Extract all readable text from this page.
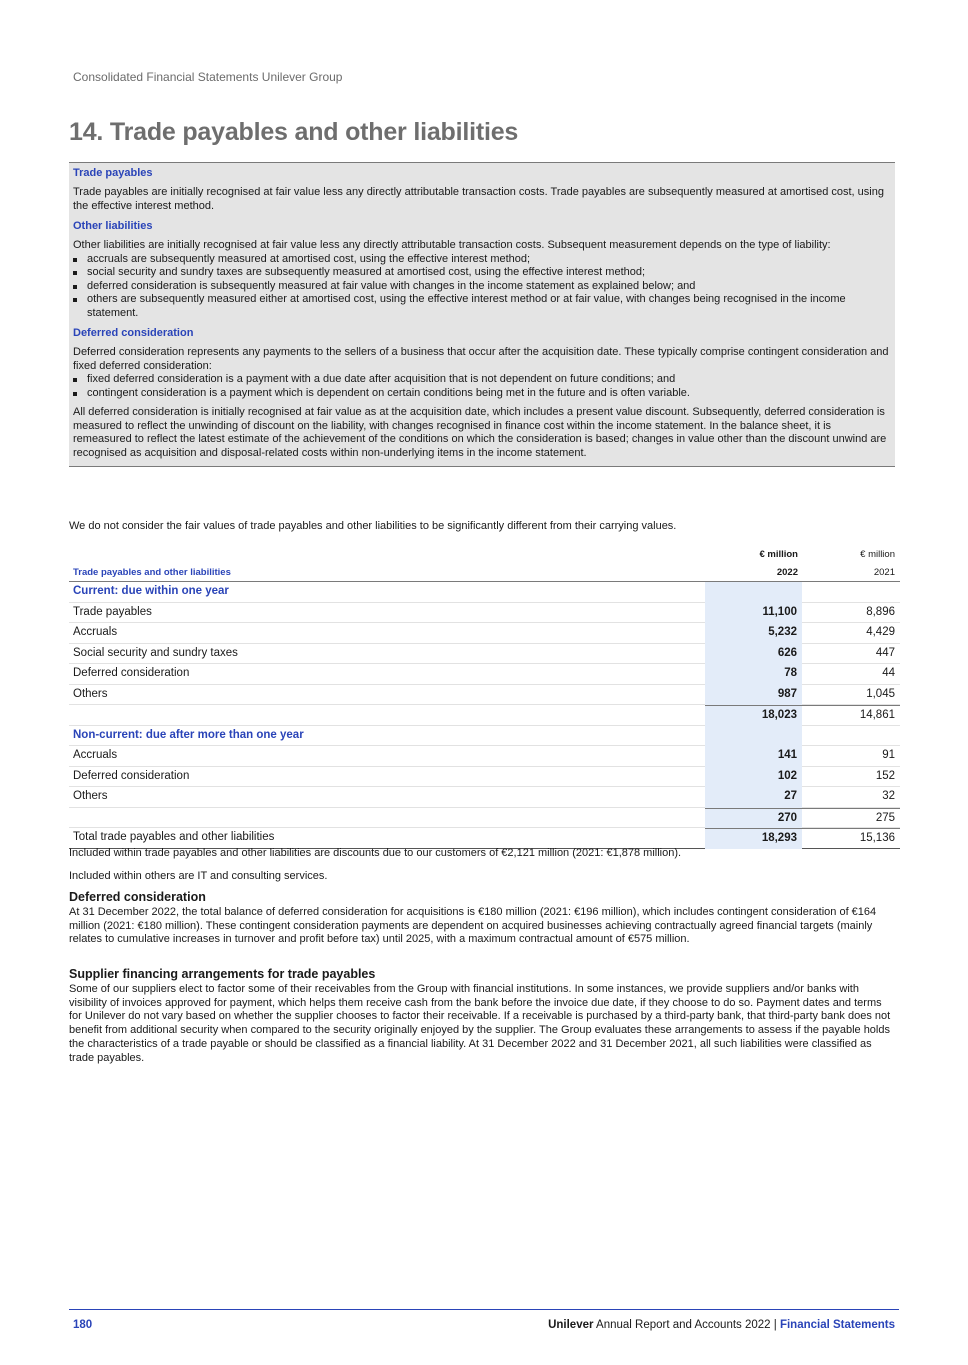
Consolidated Financial Statements Unilever Group
14. Trade payables and other liabilities
Trade payables

Trade payables are initially recognised at fair value less any directly attributable transaction costs. Trade payables are subsequently measured at amortised cost, using the effective interest method.

Other liabilities

Other liabilities are initially recognised at fair value less any directly attributable transaction costs. Subsequent measurement depends on the type of liability:

accruals are subsequently measured at amortised cost, using the effective interest method;
social security and sundry taxes are subsequently measured at amortised cost, using the effective interest method;
deferred consideration is subsequently measured at fair value with changes in the income statement as explained below; and
others are subsequently measured either at amortised cost, using the effective interest method or at fair value, with changes being recognised in the income statement.
Deferred consideration

Deferred consideration represents any payments to the sellers of a business that occur after the acquisition date. These typically comprise contingent consideration and fixed deferred consideration:

fixed deferred consideration is a payment with a due date after acquisition that is not dependent on future conditions; and
contingent consideration is a payment which is dependent on certain conditions being met in the future and is often variable.

All deferred consideration is initially recognised at fair value as at the acquisition date, which includes a present value discount. Subsequently, deferred consideration is measured to reflect the unwinding of discount on the liability, with changes recognised in finance cost within the income statement. In the balance sheet, it is remeasured to reflect the latest estimate of the achievement of the conditions on which the consideration is based; changes in value other than the discount unwind are recognised as acquisition and disposal-related costs within non-underlying items in the income statement.

We do not consider the fair values of trade payables and other liabilities to be significantly different from their carrying values.

€ million	€ million
Trade payables and other liabilities	2022	2021
Current: due within one year
Trade payables	11,100	8,896
Accruals	5,232	4,429
Social security and sundry taxes	626	447
Deferred consideration	78	44
Others	987	1,045
18,023	14,861
Non-current: due after more than one year
Accruals	141	91
Deferred consideration	102	152
Others	27	32
270	275
Total trade payables and other liabilities	18,293	15,136

Included within trade payables and other liabilities are discounts due to our customers of €2,121 million (2021: €1,878 million).

Included within others are IT and consulting services.

Deferred consideration

At 31 December 2022, the total balance of deferred consideration for acquisitions is €180 million (2021: €196 million), which includes contingent consideration of €164 million (2021: €180 million). These contingent consideration payments are dependent on acquired businesses achieving contractually agreed financial targets (mainly relates to cumulative increases in turnover and profit before tax) until 2025, with a maximum contractual amount of €575 million.

Supplier financing arrangements for trade payables

Some of our suppliers elect to factor some of their receivables from the Group with financial institutions. In some instances, we provide suppliers and/or banks with visibility of invoices approved for payment, which helps them receive cash from the bank before the invoice due date, if they choose to do so. Payment dates and terms for Unilever do not vary based on whether the supplier chooses to factor their receivable. If a receivable is purchased by a third-party bank, that third-party bank does not benefit from additional security when compared to the security originally enjoyed by the supplier. The Group evaluates these arrangements to assess if the payable holds the characteristics of a trade payable or should be classified as a financial liability. At 31 December 2022 and 31 December 2021, all such liabilities were classified as trade payables.

180	Unilever Annual Report and Accounts 2022 | Financial Statements
